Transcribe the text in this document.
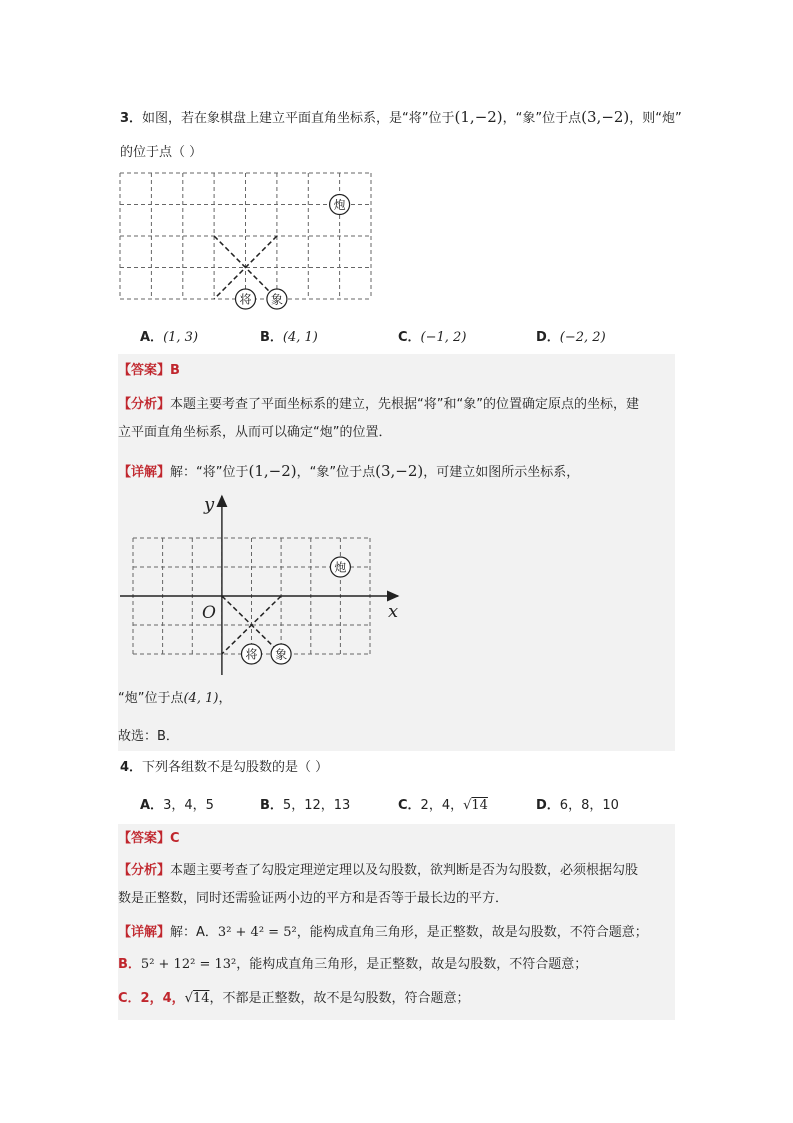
3．如图，若在象棋盘上建立平面直角坐标系，是“将”位于(1,−2)，“象”位于点(3,−2)，则“炮”
的位于点（ ）
炮
将 象
A．(1, 3)	B．(4, 1)	C．(−1, 2)	D．(−2, 2)
【答案】B
【分析】本题主要考查了平面坐标系的建立，先根据“将”和“象”的位置确定原点的坐标，建
立平面直角坐标系，从而可以确定“炮”的位置．
【详解】解：“将”位于(1,−2)，“象”位于点(3,−2)，可建立如图所示坐标系，
y
x
O
炮
将 象
“炮”位于点(4, 1)，
故选：B．
4．下列各组数不是勾股数的是（ ）
A．3，4，5	B．5，12，13	C．2，4，√14	D．6，8，10
【答案】C
【分析】本题主要考查了勾股定理逆定理以及勾股数，欲判断是否为勾股数，必须根据勾股
数是正整数，同时还需验证两小边的平方和是否等于最长边的平方．
【详解】解：A．3² + 4² = 5²，能构成直角三角形，是正整数，故是勾股数，不符合题意；
B．5² + 12² = 13²，能构成直角三角形，是正整数，故是勾股数，不符合题意；
C．2，4，√14，不都是正整数，故不是勾股数，符合题意；
